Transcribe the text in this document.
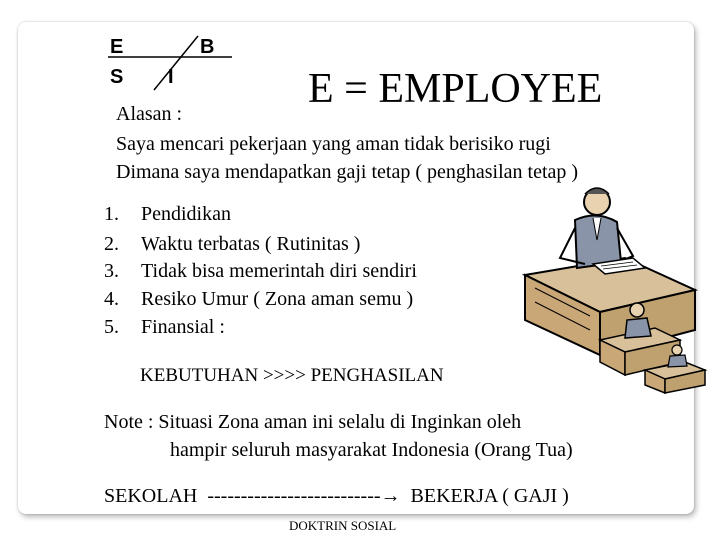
E	B
S I	E = EMPLOYEE
Alasan :
Saya mencari pekerjaan yang aman tidak berisiko rugi
Dimana saya mendapatkan gaji tetap ( penghasilan tetap )
1. Pendidikan
2. Waktu terbatas ( Rutinitas )
3. Tidak bisa memerintah diri sendiri
4. Resiko Umur ( Zona aman semu )
5. Finansial :
KEBUTUHAN >>>> PENGHASILAN
Note : Situasi Zona aman ini selalu di Inginkan oleh
hampir seluruh masyarakat Indonesia (Orang Tua)
SEKOLAH --------------------------→ BEKERJA ( GAJI )
DOKTRIN SOSIAL
